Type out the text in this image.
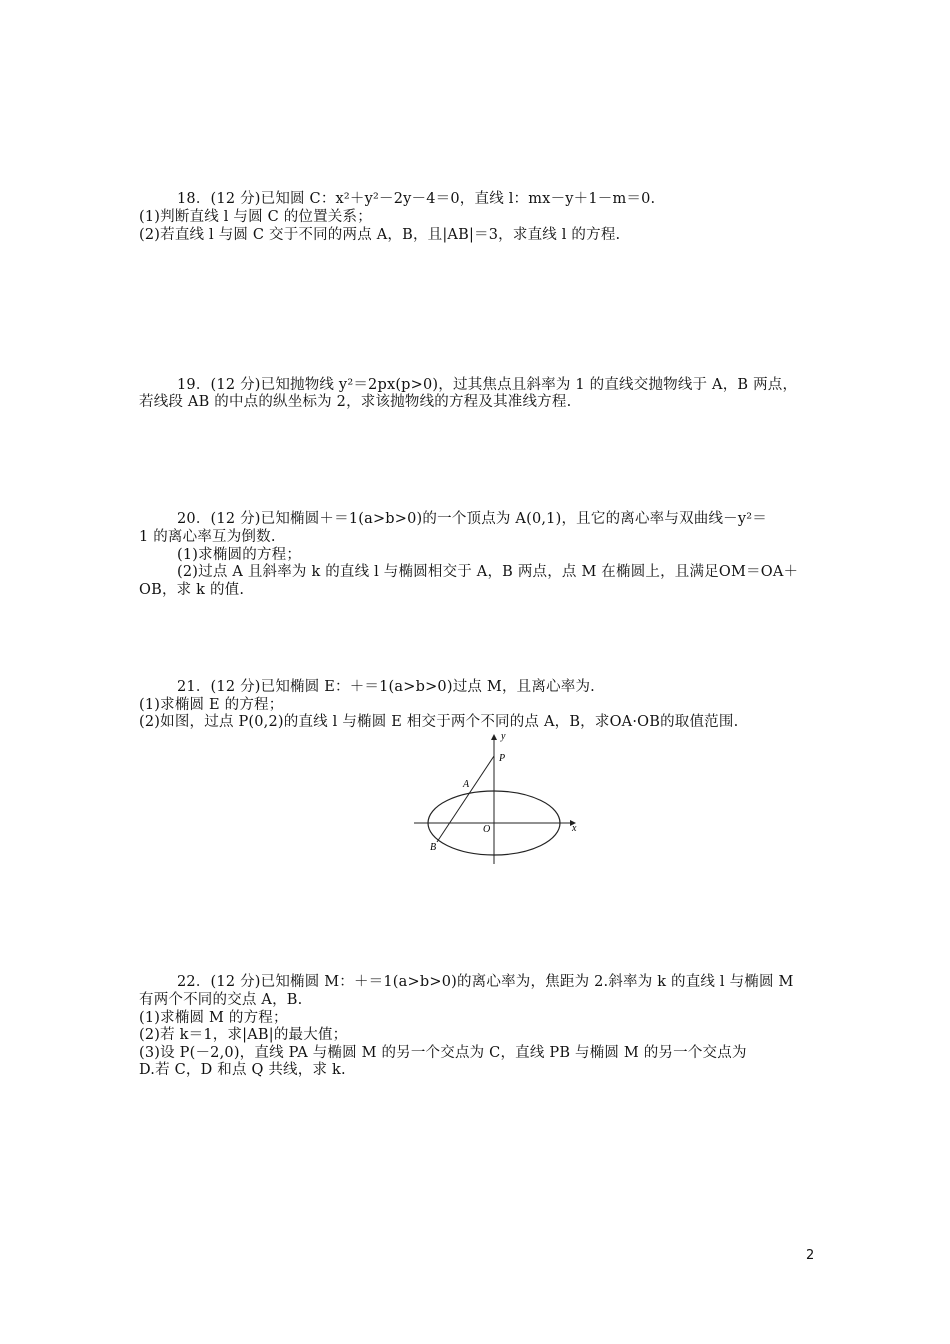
18．(12 分)已知圆 C：x²＋y²－2y－4＝0，直线 l：mx－y＋1－m＝0.
(1)判断直线 l 与圆 C 的位置关系；
(2)若直线 l 与圆 C 交于不同的两点 A，B，且|AB|＝3，求直线 l 的方程.
19．(12 分)已知抛物线 y²＝2px(p>0)，过其焦点且斜率为 1 的直线交抛物线于 A，B 两点，
若线段 AB 的中点的纵坐标为 2，求该抛物线的方程及其准线方程.
20．(12 分)已知椭圆＋＝1(a>b>0)的一个顶点为 A(0,1)，且它的离心率与双曲线－y²＝
1 的离心率互为倒数.
(1)求椭圆的方程；
(2)过点 A 且斜率为 k 的直线 l 与椭圆相交于 A，B 两点，点 M 在椭圆上，且满足OM＝OA＋
OB，求 k 的值.
21．(12 分)已知椭圆 E：＋＝1(a>b>0)过点 M，且离心率为.
(1)求椭圆 E 的方程；
(2)如图，过点 P(0,2)的直线 l 与椭圆 E 相交于两个不同的点 A，B，求OA·OB的取值范围.
y
x
P
A
O
B
22．(12 分)已知椭圆 M：＋＝1(a>b>0)的离心率为，焦距为 2.斜率为 k 的直线 l 与椭圆 M
有两个不同的交点 A，B.
(1)求椭圆 M 的方程；
(2)若 k＝1，求|AB|的最大值；
(3)设 P(－2,0)，直线 PA 与椭圆 M 的另一个交点为 C，直线 PB 与椭圆 M 的另一个交点为
D.若 C，D 和点 Q 共线，求 k.
2
